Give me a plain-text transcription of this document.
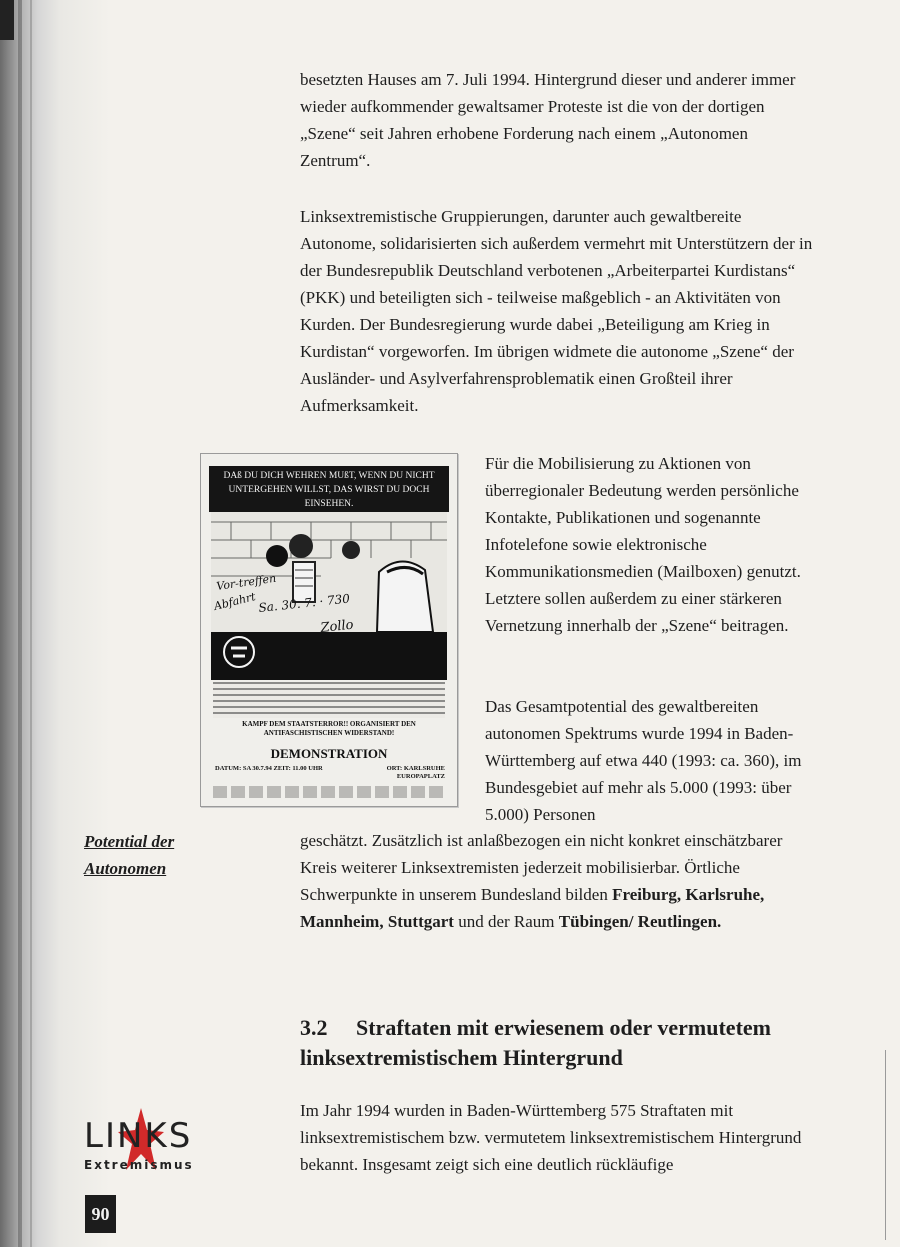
besetzten Hauses am 7. Juli 1994. Hintergrund dieser und anderer immer wieder aufkommender gewaltsamer Proteste ist die von der dortigen „Szene“ seit Jahren erhobene Forderung nach einem „Autonomen Zentrum“.

Linksextremistische Gruppierungen, darunter auch gewaltbereite Autonome, solidarisierten sich außerdem vermehrt mit Unterstützern der in der Bundesrepublik Deutschland verbotenen „Arbeiterpartei Kurdistans“ (PKK) und beteiligten sich - teilweise maßgeblich - an Aktivitäten von Kurden. Der Bundesregierung wurde dabei „Beteiligung am Krieg in Kurdistan“ vorgeworfen. Im übrigen widmete die autonome „Szene“ der Ausländer- und Asylverfahrensproblematik einen Großteil ihrer Aufmerksamkeit.

DAß DU DICH WEHREN MUßT, WENN DU NICHT UNTERGEHEN WILLST, DAS WIRST DU DOCH EINSEHEN.
Vor-treffen
Abfahrt Sa. 30. 7. · 730
Zollo
KAMPF DEM STAATSTERROR!! ORGANISIERT DEN ANTIFASCHISTISCHEN WIDERSTAND!
DEMONSTRATION
DATUM: SA 30.7.94 ZEIT: 11.00 UHR	ORT: KARLSRUHE EUROPAPLATZ

Für die Mobilisierung zu Aktionen von überregionaler Bedeutung werden persönliche Kontakte, Publikationen und sogenannte Infotelefone sowie elektronische Kommunikationsmedien (Mailboxen) genutzt. Letztere sollen außerdem zu einer stärkeren Vernetzung innerhalb der „Szene“ beitragen.

Das Gesamtpotential des gewaltbereiten autonomen Spektrums wurde 1994 in Baden-Württemberg auf etwa 440 (1993: ca. 360), im Bundesgebiet auf mehr als 5.000 (1993: über 5.000) Personen

Potential der Autonomen

geschätzt. Zusätzlich ist anlaßbezogen ein nicht konkret einschätzbarer Kreis weiterer Linksextremisten jederzeit mobilisierbar. Örtliche Schwerpunkte in unserem Bundesland bilden Freiburg, Karlsruhe, Mannheim, Stuttgart und der Raum Tübingen/ Reutlingen.

3.2 Straftaten mit erwiesenem oder vermutetem linksextremistischem Hintergrund

Im Jahr 1994 wurden in Baden-Württemberg 575 Straftaten mit linksextremistischem bzw. vermutetem linksextremistischem Hintergrund bekannt. Insgesamt zeigt sich eine deutlich rückläufige

LINKS
Extremismus
90
